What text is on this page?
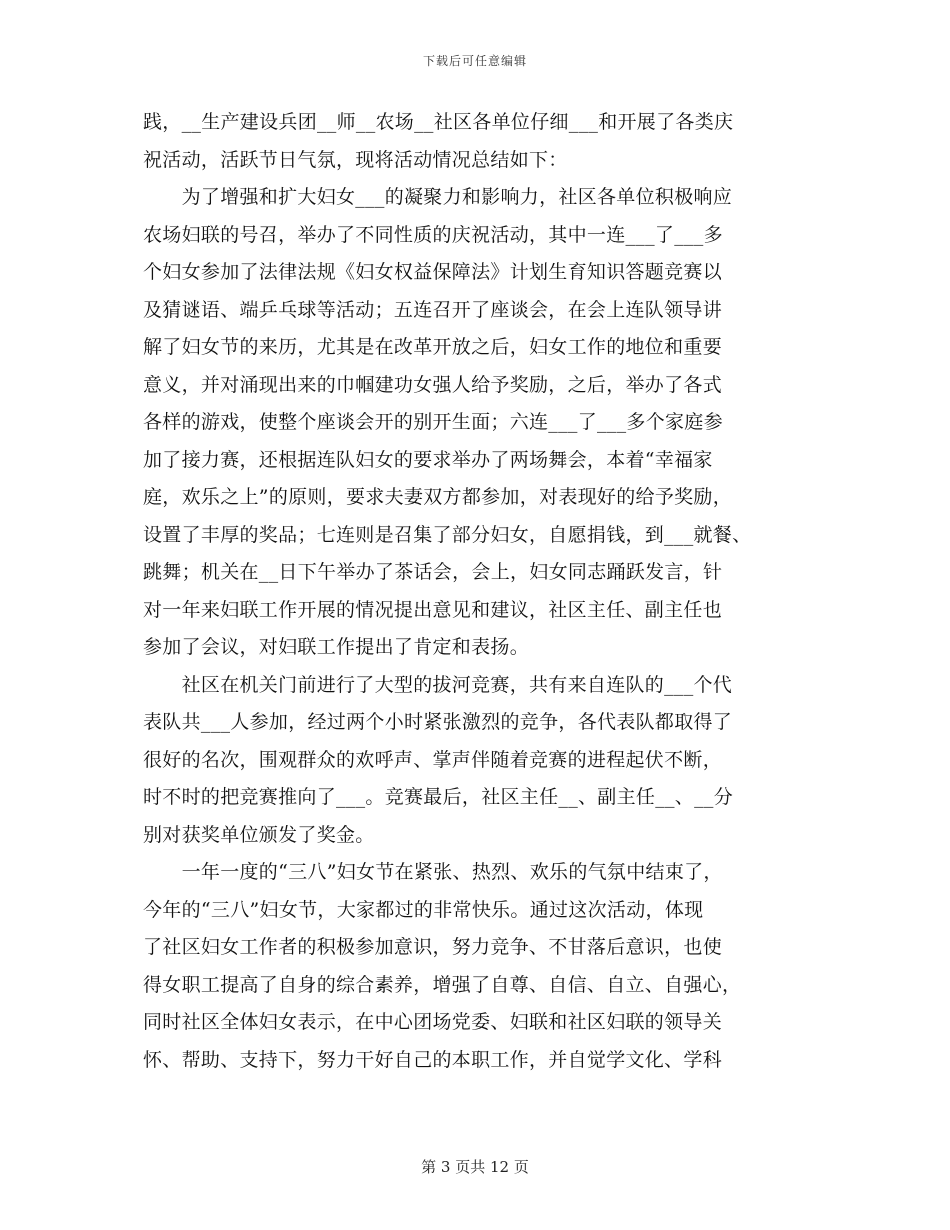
下载后可任意编辑
践，__生产建设兵团__师__农场__社区各单位仔细___和开展了各类庆
祝活动，活跃节日气氛，现将活动情况总结如下：
　　为了增强和扩大妇女___的凝聚力和影响力，社区各单位积极响应
农场妇联的号召，举办了不同性质的庆祝活动，其中一连___了___多
个妇女参加了法律法规《妇女权益保障法》计划生育知识答题竞赛以
及猜谜语、端乒乓球等活动；五连召开了座谈会，在会上连队领导讲
解了妇女节的来历，尤其是在改革开放之后，妇女工作的地位和重要
意义，并对涌现出来的巾帼建功女强人给予奖励，之后，举办了各式
各样的游戏，使整个座谈会开的别开生面；六连___了___多个家庭参
加了接力赛，还根据连队妇女的要求举办了两场舞会，本着“幸福家
庭，欢乐之上”的原则，要求夫妻双方都参加，对表现好的给予奖励，
设置了丰厚的奖品；七连则是召集了部分妇女，自愿捐钱，到___就餐、
跳舞；机关在__日下午举办了茶话会，会上，妇女同志踊跃发言，针
对一年来妇联工作开展的情况提出意见和建议，社区主任、副主任也
参加了会议，对妇联工作提出了肯定和表扬。
　　社区在机关门前进行了大型的拔河竞赛，共有来自连队的___个代
表队共___人参加，经过两个小时紧张激烈的竞争，各代表队都取得了
很好的名次，围观群众的欢呼声、掌声伴随着竞赛的进程起伏不断，
时不时的把竞赛推向了___。竞赛最后，社区主任__、副主任__、__分
别对获奖单位颁发了奖金。
　　一年一度的“三八”妇女节在紧张、热烈、欢乐的气氛中结束了，
今年的“三八”妇女节，大家都过的非常快乐。通过这次活动，体现
了社区妇女工作者的积极参加意识，努力竞争、不甘落后意识，也使
得女职工提高了自身的综合素养，增强了自尊、自信、自立、自强心，
同时社区全体妇女表示，在中心团场党委、妇联和社区妇联的领导关
怀、帮助、支持下，努力干好自己的本职工作，并自觉学文化、学科
第 3 页共 12 页
